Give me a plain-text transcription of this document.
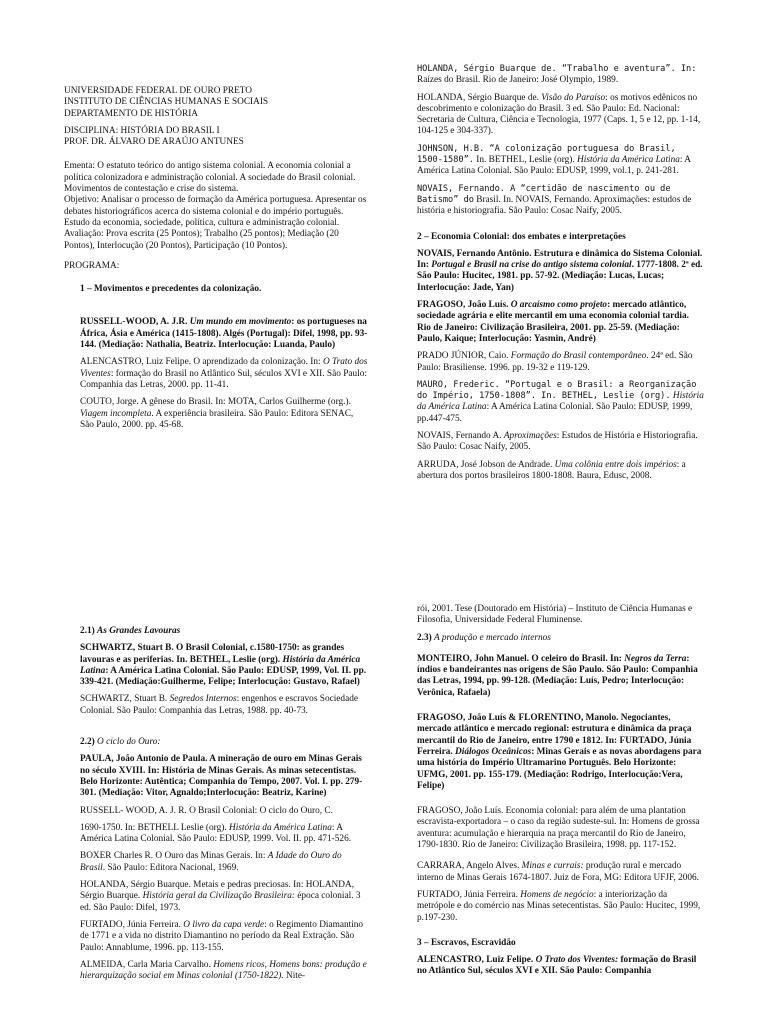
UNIVERSIDADE FEDERAL DE OURO PRETO

INSTITUTO DE CIÊNCIAS HUMANAS E SOCIAIS

DEPARTAMENTO DE HISTÓRIA

DISCIPLINA: HISTÓRIA DO BRASIL I

PROF. DR. ÁLVARO DE ARAÚJO ANTUNES

Ementa: O estatuto teórico do antigo sistema colonial. A economia colonial a política colonizadora e administração colonial. A sociedade do Brasil colonial. Movimentos de contestação e crise do sistema.

Objetivo: Analisar o processo de formação da América portuguesa. Apresentar os debates historiográficos acerca do sistema colonial e do império português. Estudo da economia, sociedade, política, cultura e administração colonial.

Avaliação: Prova escrita (25 Pontos); Trabalho (25 pontos); Mediação (20 Pontos), Interlocução (20 Pontos), Participação (10 Pontos).

PROGRAMA:

1 – Movimentos e precedentes da colonização.

RUSSELL-WOOD, A. J.R. Um mundo em movimento: os portugueses na África, Ásia e América (1415-1808). Algés (Portugal): Difel, 1998, pp. 93-144. (Mediação: Nathalia, Beatriz. Interlocução: Luanda, Paulo)

ALENCASTRO, Luiz Felipe. O aprendizado da colonização. In: O Trato dos Viventes: formação do Brasil no Atlântico Sul, séculos XVI e XII. São Paulo: Companhia das Letras, 2000. pp. 11-41.

COUTO, Jorge. A gênese do Brasil. In: MOTA, Carlos Guilherme (org.). Viagem incompleta. A experiência brasileira. São Paulo: Editora SENAC, São Paulo, 2000. pp. 45-68.

HOLANDA, Sérgio Buarque de. “Trabalho e aventura”. In: Raízes do Brasil. Rio de Janeiro: José Olympio, 1989.

HOLANDA, Sérgio Buarque de. Visão do Paraíso: os motivos edênicos no descobrimento e colonização do Brasil. 3 ed. São Paulo: Ed. Nacional: Secretaria de Cultura, Ciência e Tecnologia, 1977 (Caps. 1, 5 e 12, pp. 1-14, 104-125 e 304-337).

JOHNSON, H.B. “A colonização portuguesa do Brasil, 1500-1580”. In. BETHEL, Leslie (org). História da América Latina: A América Latina Colonial. São Paulo: EDUSP, 1999, vol.1, p. 241-281.

NOVAIS, Fernando. A “certidão de nascimento ou de Batismo” do Brasil. In. NOVAIS, Fernando. Aproximações: estudos de história e historiografia. São Paulo: Cosac Naify, 2005.

2 – Economia Colonial: dos embates e interpretações

NOVAIS, Fernando Antônio. Estrutura e dinâmica do Sistema Colonial. In: Portugal e Brasil na crise do antigo sistema colonial. 1777-1808. 2ª ed. São Paulo: Hucitec, 1981. pp. 57-92. (Mediação: Lucas, Lucas; Interlocução: Jade, Yan)

FRAGOSO, João Luís. O arcaísmo como projeto: mercado atlântico, sociedade agrária e elite mercantil em uma economia colonial tardia. Rio de Janeiro: Civilização Brasileira, 2001. pp. 25-59. (Mediação: Paulo, Kaique; Interlocução: Yasmin, André)

PRADO JÚNIOR, Caio. Formação do Brasil contemporâneo. 24ª ed. São Paulo: Brasiliense. 1996. pp. 19-32 e 119-129.

MAURO, Frederic. “Portugal e o Brasil: a Reorganização do Império, 1750-1808”. In. BETHEL, Leslie (org). História da América Latina: A América Latina Colonial. São Paulo: EDUSP, 1999, pp.447-475.

NOVAIS, Fernando A. Aproximações: Estudos de História e Historiografia. São Paulo: Cosac Naify, 2005.

ARRUDA, José Jobson de Andrade. Uma colônia entre dois impérios: a abertura dos portos brasileiros 1800-1808. Baura, Edusc, 2008.

2.1) As Grandes Lavouras

SCHWARTZ, Stuart B. O Brasil Colonial, c.1580-1750: as grandes lavouras e as periferias. In. BETHEL, Leslie (org). História da América Latina: A América Latina Colonial. São Paulo: EDUSP, 1999, Vol. II. pp. 339-421. (Mediação:Guilherme, Felipe; Interlocução: Gustavo, Rafael)

SCHWARTZ, Stuart B. Segredos Internos: engenhos e escravos Sociedade Colonial. São Paulo: Companhia das Letras, 1988. pp. 40-73.

2.2) O ciclo do Ouro:

PAULA, João Antonio de Paula. A mineração de ouro em Minas Gerais no século XVIII. In: História de Minas Gerais. As minas setecentistas. Belo Horizonte: Autêntica; Companhia do Tempo, 2007. Vol. I. pp. 279-301. (Mediação: Vitor, Agnaldo;Interlocução: Beatriz, Karine)

RUSSELL- WOOD, A. J. R. O Brasil Colonial: O ciclo do Ouro, C.

1690-1750. In: BETHELL Leslie (org). História da América Latina: A América Latina Colonial. São Paulo: EDUSP, 1999. Vol. II. pp. 471-526.

BOXER Charles R. O Ouro das Minas Gerais. In: A Idade do Ouro do Brasil. São Paulo: Editora Nacional, 1969.

HOLANDA, Sérgio Buarque. Metais e pedras preciosas. In: HOLANDA, Sérgio Buarque. História geral da Civilização Brasileira: época colonial. 3 ed. São Paulo: Difel, 1973.

FURTADO, Júnia Ferreira. O livro da capa verde: o Regimento Diamantino de 1771 e a vida no distrito Diamantino no período da Real Extração. São Paulo: Annablume, 1996. pp. 113-155.

ALMEIDA, Carla Maria Carvalho. Homens ricos, Homens bons: produção e hierarquização social em Minas colonial (1750-1822). Nite-

rói, 2001. Tese (Doutorado em História) – Instituto de Ciência Humanas e Filosofia, Universidade Federal Fluminense.

2.3) A produção e mercado internos

MONTEIRO, John Manuel. O celeiro do Brasil. In: Negros da Terra: índios e bandeirantes nas origens de São Paulo. São Paulo: Companhia das Letras, 1994, pp. 99-128. (Mediação: Luís, Pedro; Interlocução: Verônica, Rafaela)

FRAGOSO, João Luís & FLORENTINO, Manolo. Negociantes, mercado atlântico e mercado regional: estrutura e dinâmica da praça mercantil do Rio de Janeiro, entre 1790 e 1812. In: FURTADO, Júnia Ferreira. Diálogos Oceânicos: Minas Gerais e as novas abordagens para uma história do Império Ultramarino Português. Belo Horizonte: UFMG, 2001. pp. 155-179. (Mediação: Rodrigo, Interlocução:Vera, Felipe)

FRAGOSO, João Luís. Economia colonial: para além de uma plantation escravista-exportadora – o caso da região sudeste-sul. In: Homens de grossa aventura: acumulação e hierarquia na praça mercantil do Rio de Janeiro, 1790-1830. Rio de Janeiro: Civilização Brasileira, 1998. pp. 117-152.

CARRARA, Angelo Alves. Minas e currais: produção rural e mercado interno de Minas Gerais 1674-1807. Juiz de Fora, MG: Editora UFJF, 2006.

FURTADO, Júnia Ferreira. Homens de negócio: a interiorização da metrópole e do comércio nas Minas setecentistas. São Paulo: Hucitec, 1999, p.197-230.

3 – Escravos, Escravidão

ALENCASTRO, Luiz Felipe. O Trato dos Viventes: formação do Brasil no Atlântico Sul, séculos XVI e XII. São Paulo: Companhia
